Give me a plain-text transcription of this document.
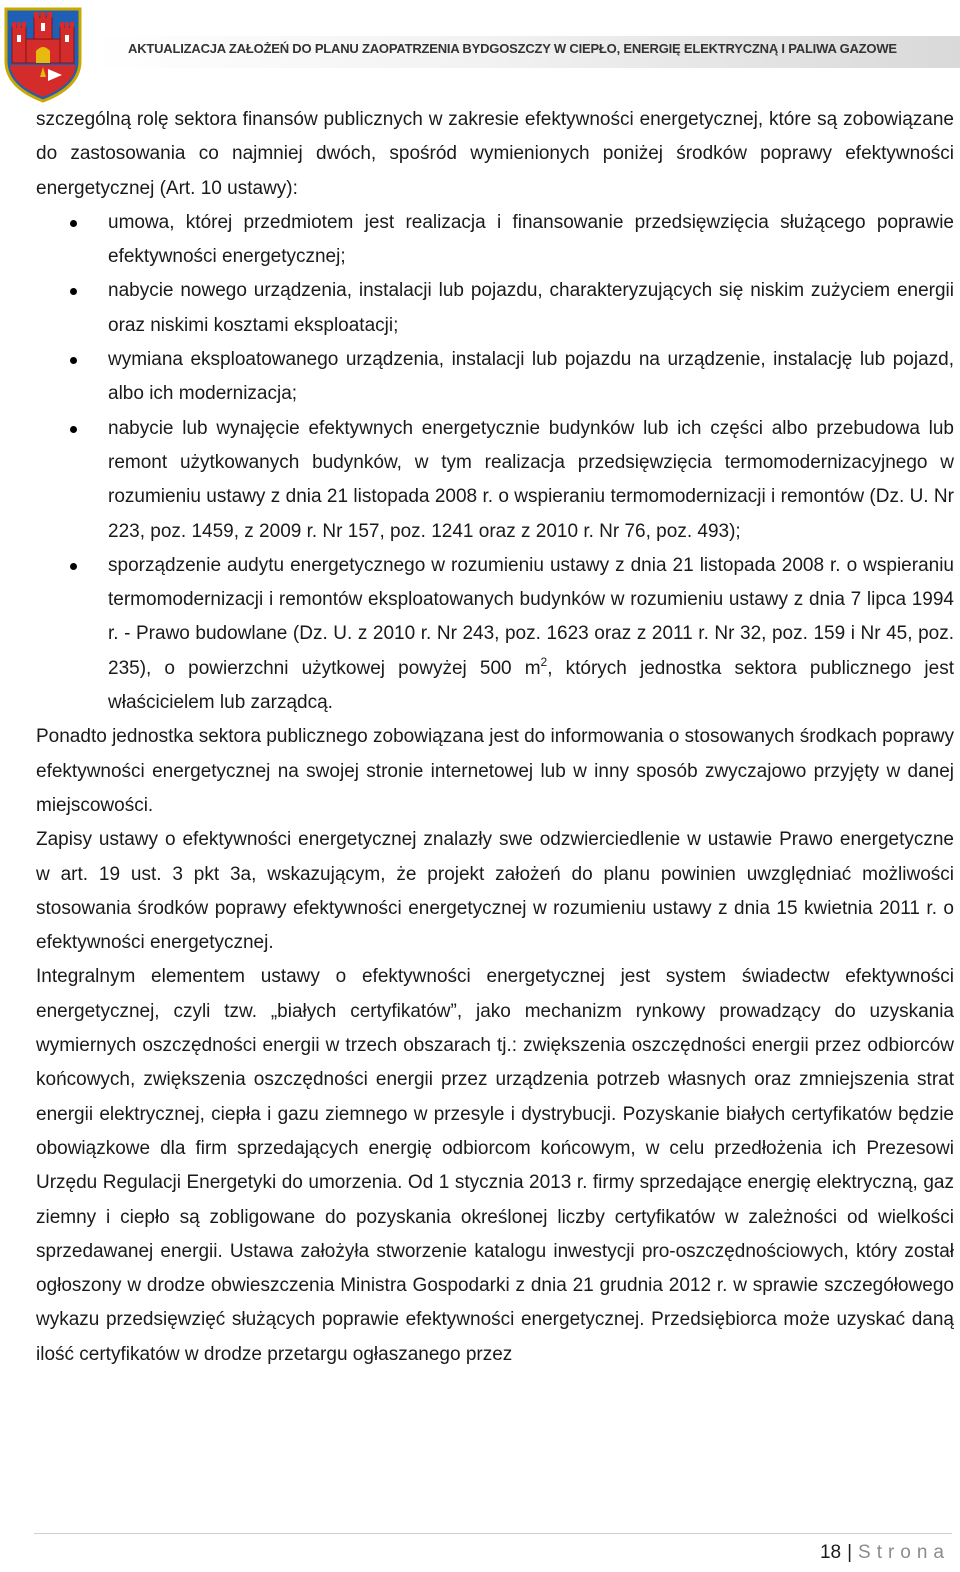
AKTUALIZACJA ZAŁOŻEŃ DO PLANU ZAOPATRZENIA BYDGOSZCZY W CIEPŁO, ENERGIĘ ELEKTRYCZNĄ I PALIWA GAZOWE

szczególną rolę sektora finansów publicznych w zakresie efektywności energetycznej, które są zobowiązane do zastosowania co najmniej dwóch, spośród wymienionych poniżej środków poprawy efektywności energetycznej (Art. 10 ustawy):

umowa, której przedmiotem jest realizacja i finansowanie przedsięwzięcia służącego poprawie efektywności energetycznej;
nabycie nowego urządzenia, instalacji lub pojazdu, charakteryzujących się niskim zużyciem energii oraz niskimi kosztami eksploatacji;
wymiana eksploatowanego urządzenia, instalacji lub pojazdu na urządzenie, instalację lub pojazd, albo ich modernizacja;
nabycie lub wynajęcie efektywnych energetycznie budynków lub ich części albo przebudowa lub remont użytkowanych budynków, w tym realizacja przedsięwzięcia termomodernizacyjnego w rozumieniu ustawy z dnia 21 listopada 2008 r. o wspieraniu termomodernizacji i remontów (Dz. U. Nr 223, poz. 1459, z 2009 r. Nr 157, poz. 1241 oraz z 2010 r. Nr 76, poz. 493);
sporządzenie audytu energetycznego w rozumieniu ustawy z dnia 21 listopada 2008 r. o wspieraniu termomodernizacji i remontów eksploatowanych budynków w rozumieniu ustawy z dnia 7 lipca 1994 r. - Prawo budowlane (Dz. U. z 2010 r. Nr 243, poz. 1623 oraz z 2011 r. Nr 32, poz. 159 i Nr 45, poz. 235), o powierzchni użytkowej powyżej 500 $m^2$, których jednostka sektora publicznego jest właścicielem lub zarządcą.

Ponadto jednostka sektora publicznego zobowiązana jest do informowania o stosowanych środkach poprawy efektywności energetycznej na swojej stronie internetowej lub w inny sposób zwyczajowo przyjęty w danej miejscowości.

Zapisy ustawy o efektywności energetycznej znalazły swe odzwierciedlenie w ustawie Prawo energetyczne w art. 19 ust. 3 pkt 3a, wskazującym, że projekt założeń do planu powinien uwzględniać możliwości stosowania środków poprawy efektywności energetycznej w rozumieniu ustawy z dnia 15 kwietnia 2011 r. o efektywności energetycznej.

Integralnym elementem ustawy o efektywności energetycznej jest system świadectw efektywności energetycznej, czyli tzw. „białych certyfikatów”, jako mechanizm rynkowy prowadzący do uzyskania wymiernych oszczędności energii w trzech obszarach tj.: zwiększenia oszczędności energii przez odbiorców końcowych, zwiększenia oszczędności energii przez urządzenia potrzeb własnych oraz zmniejszenia strat energii elektrycznej, ciepła i gazu ziemnego w przesyle i dystrybucji. Pozyskanie białych certyfikatów będzie obowiązkowe dla firm sprzedających energię odbiorcom końcowym, w celu przedłożenia ich Prezesowi Urzędu Regulacji Energetyki do umorzenia. Od 1 stycznia 2013 r. firmy sprzedające energię elektryczną, gaz ziemny i ciepło są zobligowane do pozyskania określonej liczby certyfikatów w zależności od wielkości sprzedawanej energii. Ustawa założyła stworzenie katalogu inwestycji pro-oszczędnościowych, który został ogłoszony w drodze obwieszczenia Ministra Gospodarki z dnia 21 grudnia 2012 r. w sprawie szczegółowego wykazu przedsięwzięć służących poprawie efektywności energetycznej. Przedsiębiorca może uzyskać daną ilość certyfikatów w drodze przetargu ogłaszanego przez

18 | Strona
